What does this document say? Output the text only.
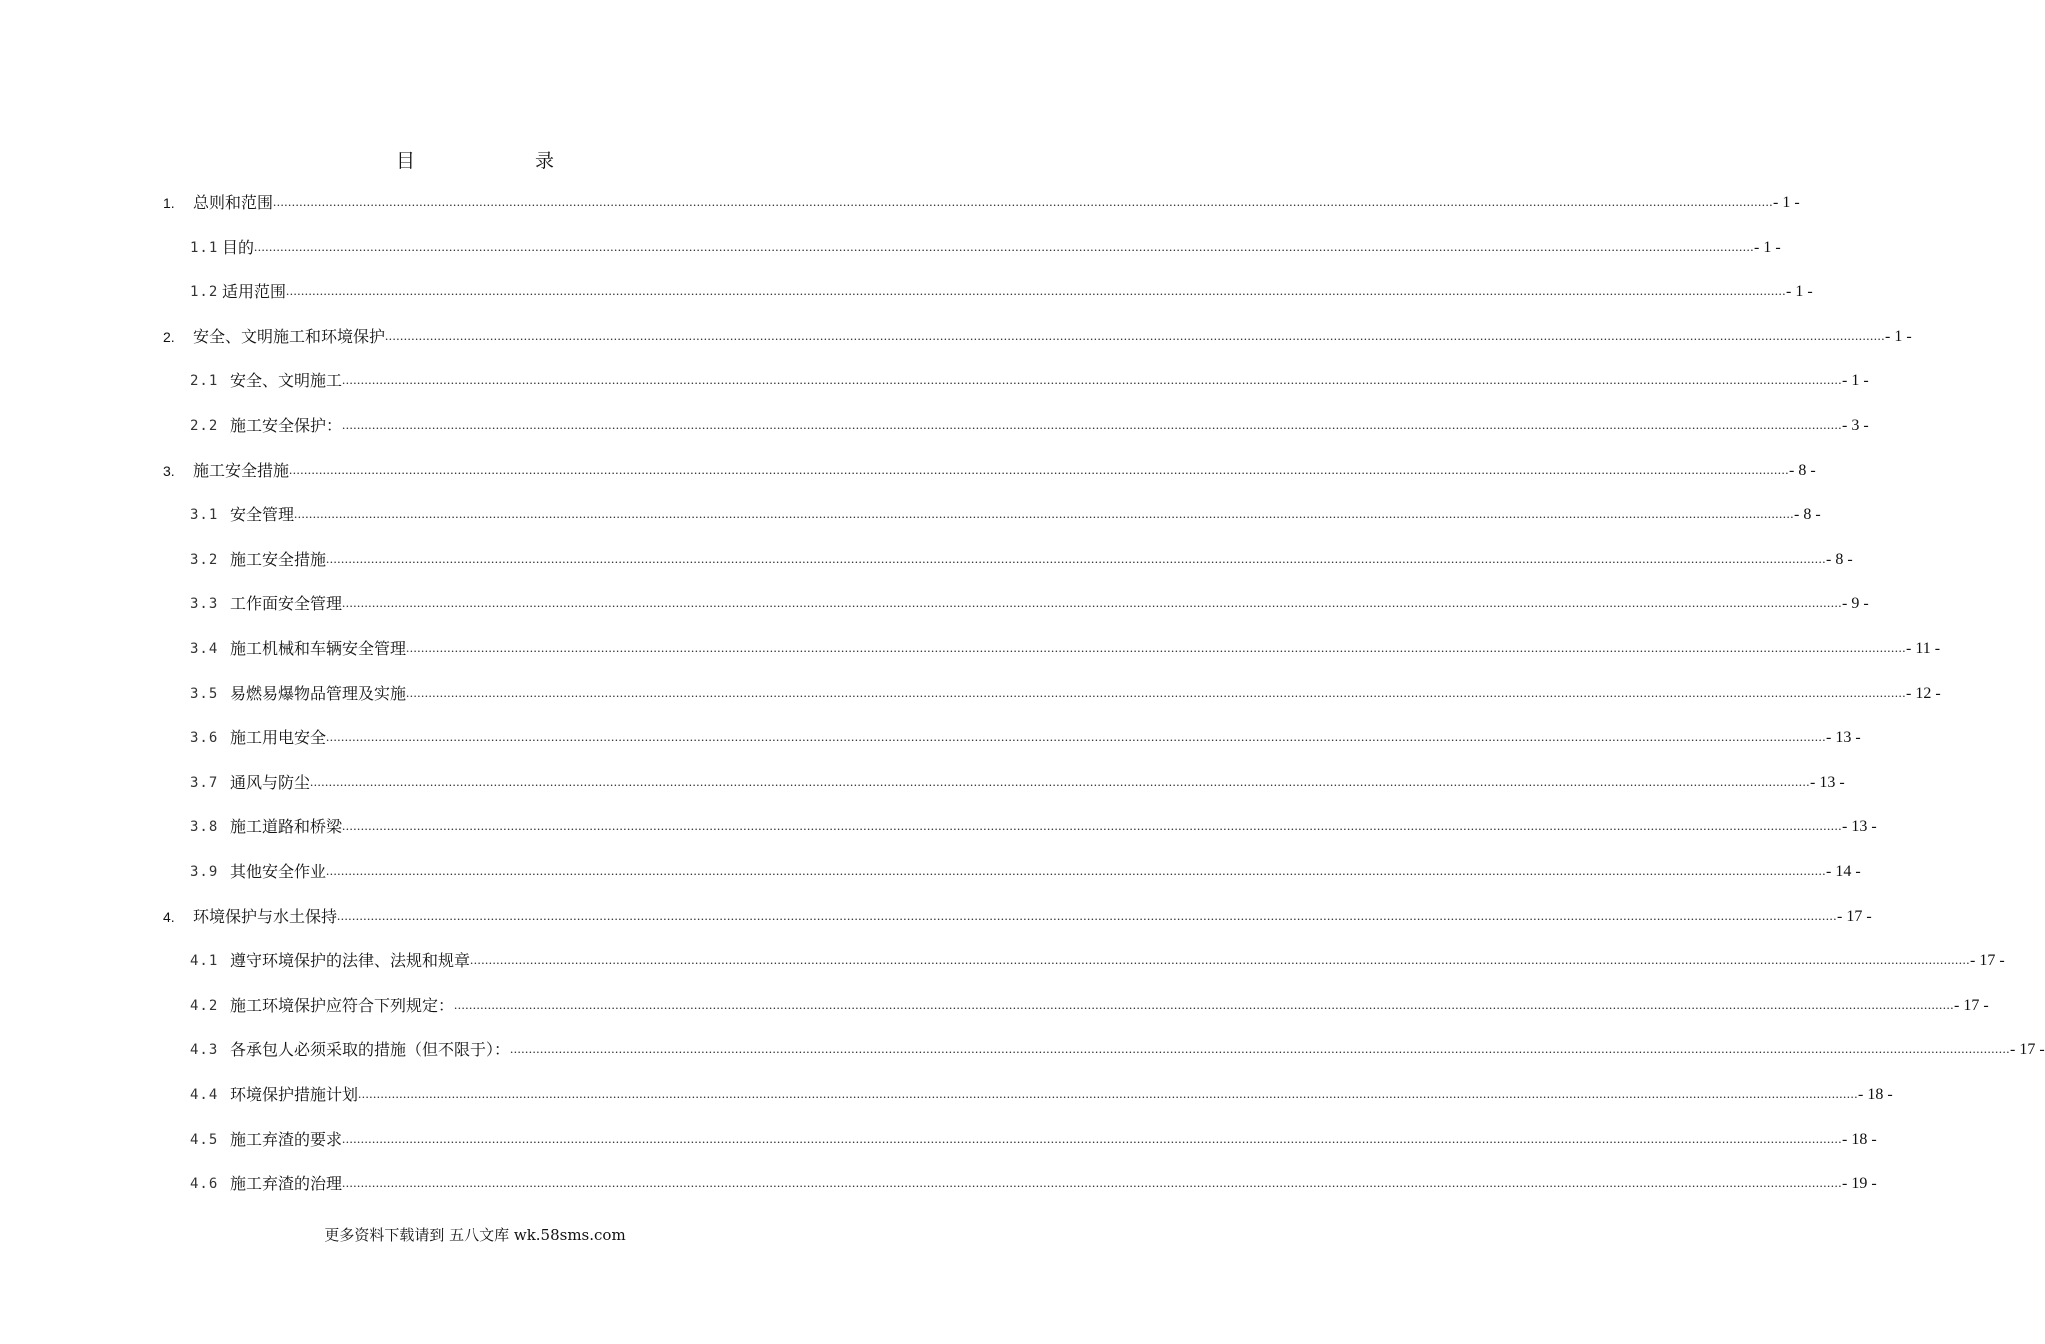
目	录
1.	总则和范围 ................................................................................................................................................................................................................................................................................................................................................................................................................ - 1 -
1.1 目的 ................................................................................................................................................................................................................................................................................................................................................................................................................ - 1 -
1.2 适用范围 ................................................................................................................................................................................................................................................................................................................................................................................................................ - 1 -
2.	安全、文明施工和环境保护 ................................................................................................................................................................................................................................................................................................................................................................................................................ - 1 -
2.1 安全、文明施工 ................................................................................................................................................................................................................................................................................................................................................................................................................ - 1 -
2.2 施工安全保护： ................................................................................................................................................................................................................................................................................................................................................................................................................ - 3 -
3.	施工安全措施 ................................................................................................................................................................................................................................................................................................................................................................................................................ - 8 -
3.1 安全管理 ................................................................................................................................................................................................................................................................................................................................................................................................................ - 8 -
3.2 施工安全措施 ................................................................................................................................................................................................................................................................................................................................................................................................................ - 8 -
3.3 工作面安全管理 ................................................................................................................................................................................................................................................................................................................................................................................................................ - 9 -
3.4 施工机械和车辆安全管理 ................................................................................................................................................................................................................................................................................................................................................................................................................ - 11 -
3.5 易燃易爆物品管理及实施 ................................................................................................................................................................................................................................................................................................................................................................................................................ - 12 -
3.6 施工用电安全 ................................................................................................................................................................................................................................................................................................................................................................................................................ - 13 -
3.7 通风与防尘 ................................................................................................................................................................................................................................................................................................................................................................................................................ - 13 -
3.8 施工道路和桥梁 ................................................................................................................................................................................................................................................................................................................................................................................................................ - 13 -
3.9 其他安全作业 ................................................................................................................................................................................................................................................................................................................................................................................................................ - 14 -
4.	环境保护与水土保持 ................................................................................................................................................................................................................................................................................................................................................................................................................ - 17 -
4.1 遵守环境保护的法律、法规和规章 ................................................................................................................................................................................................................................................................................................................................................................................................................ - 17 -
4.2 施工环境保护应符合下列规定： ................................................................................................................................................................................................................................................................................................................................................................................................................ - 17 -
4.3 各承包人必须采取的措施（但不限于）： ................................................................................................................................................................................................................................................................................................................................................................................................................ - 17 -
4.4 环境保护措施计划 ................................................................................................................................................................................................................................................................................................................................................................................................................ - 18 -
4.5 施工弃渣的要求 ................................................................................................................................................................................................................................................................................................................................................................................................................ - 18 -
4.6 施工弃渣的治理 ................................................................................................................................................................................................................................................................................................................................................................................................................ - 19 -
更多资料下载请到 五八文库 wk.58sms.com
